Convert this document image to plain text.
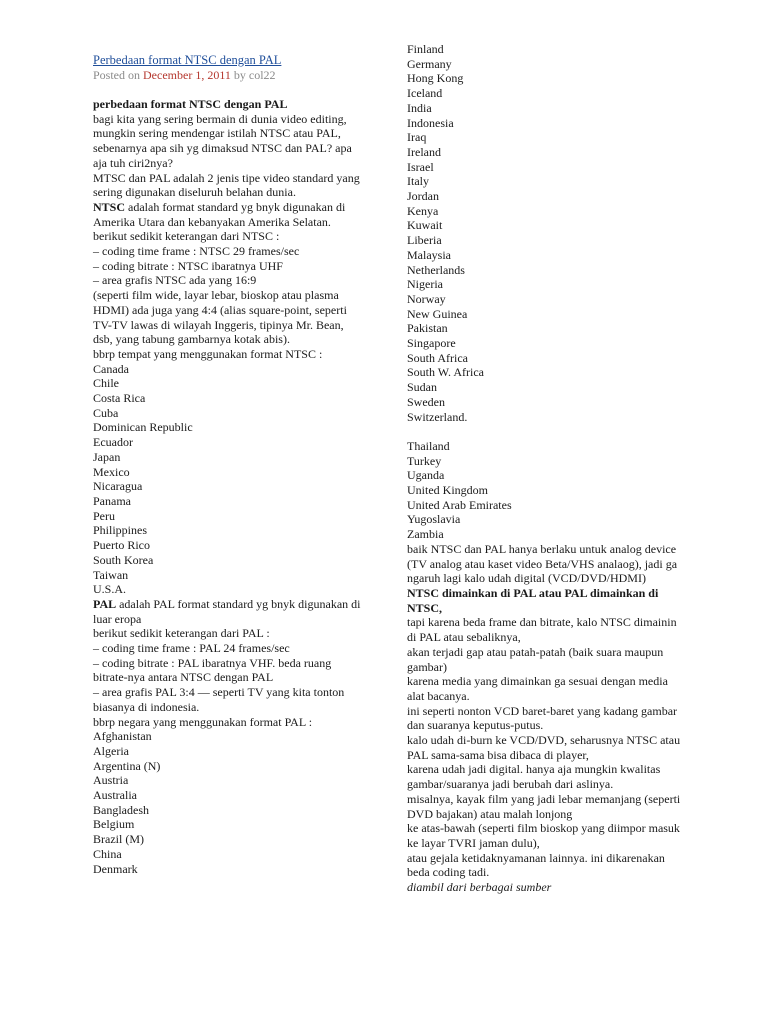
Perbedaan format NTSC dengan PAL
Posted on December 1, 2011 by col22
perbedaan format NTSC dengan PAL
bagi kita yang sering bermain di dunia video editing,
mungkin sering mendengar istilah NTSC atau PAL,
sebenarnya apa sih yg dimaksud NTSC dan PAL? apa aja tuh ciri2nya?
MTSC dan PAL adalah 2 jenis tipe video standard yang sering digunakan diseluruh belahan dunia.
NTSC adalah format standard yg bnyk digunakan di Amerika Utara dan kebanyakan Amerika Selatan.
berikut sedikit keterangan dari NTSC :
– coding time frame : NTSC 29 frames/sec
– coding bitrate : NTSC ibaratnya UHF
– area grafis NTSC ada yang 16:9
(seperti film wide, layar lebar, bioskop atau plasma HDMI) ada juga yang 4:4 (alias square-point, seperti TV-TV lawas di wilayah Inggeris, tipinya Mr. Bean, dsb, yang tabung gambarnya kotak abis).
bbrp tempat yang menggunakan format NTSC :
Canada
Chile
Costa Rica
Cuba
Dominican Republic
Ecuador
Japan
Mexico
Nicaragua
Panama
Peru
Philippines
Puerto Rico
South Korea
Taiwan
U.S.A.
PAL adalah PAL format standard yg bnyk digunakan di luar eropa
berikut sedikit keterangan dari PAL :
– coding time frame : PAL 24 frames/sec
– coding bitrate : PAL ibaratnya VHF. beda ruang bitrate-nya antara NTSC dengan PAL
– area grafis PAL 3:4 — seperti TV yang kita tonton biasanya di indonesia.
bbrp negara yang menggunakan format PAL :
Afghanistan
Algeria
Argentina (N)
Austria
Australia
Bangladesh
Belgium
Brazil (M)
China
Denmark
Finland
Germany
Hong Kong
Iceland
India
Indonesia
Iraq
Ireland
Israel
Italy
Jordan
Kenya
Kuwait
Liberia
Malaysia
Netherlands
Nigeria
Norway
New Guinea
Pakistan
Singapore
South Africa
South W. Africa
Sudan
Sweden
Switzerland.
Thailand
Turkey
Uganda
United Kingdom
United Arab Emirates
Yugoslavia
Zambia
baik NTSC dan PAL hanya berlaku untuk analog device (TV analog atau kaset video Beta/VHS analaog), jadi ga ngaruh lagi kalo udah digital (VCD/DVD/HDMI)
NTSC dimainkan di PAL atau PAL dimainkan di NTSC,
tapi karena beda frame dan bitrate, kalo NTSC dimainin di PAL atau sebaliknya,
akan terjadi gap atau patah-patah (baik suara maupun gambar)
karena media yang dimainkan ga sesuai dengan media alat bacanya.
ini seperti nonton VCD baret-baret yang kadang gambar dan suaranya keputus-putus.
kalo udah di-burn ke VCD/DVD, seharusnya NTSC atau PAL sama-sama bisa dibaca di player,
karena udah jadi digital. hanya aja mungkin kwalitas gambar/suaranya jadi berubah dari aslinya.
misalnya, kayak film yang jadi lebar memanjang (seperti DVD bajakan) atau malah lonjong
ke atas-bawah (seperti film bioskop yang diimpor masuk ke layar TVRI jaman dulu),
atau gejala ketidaknyamanan lainnya. ini dikarenakan beda coding tadi.
diambil dari berbagai sumber
